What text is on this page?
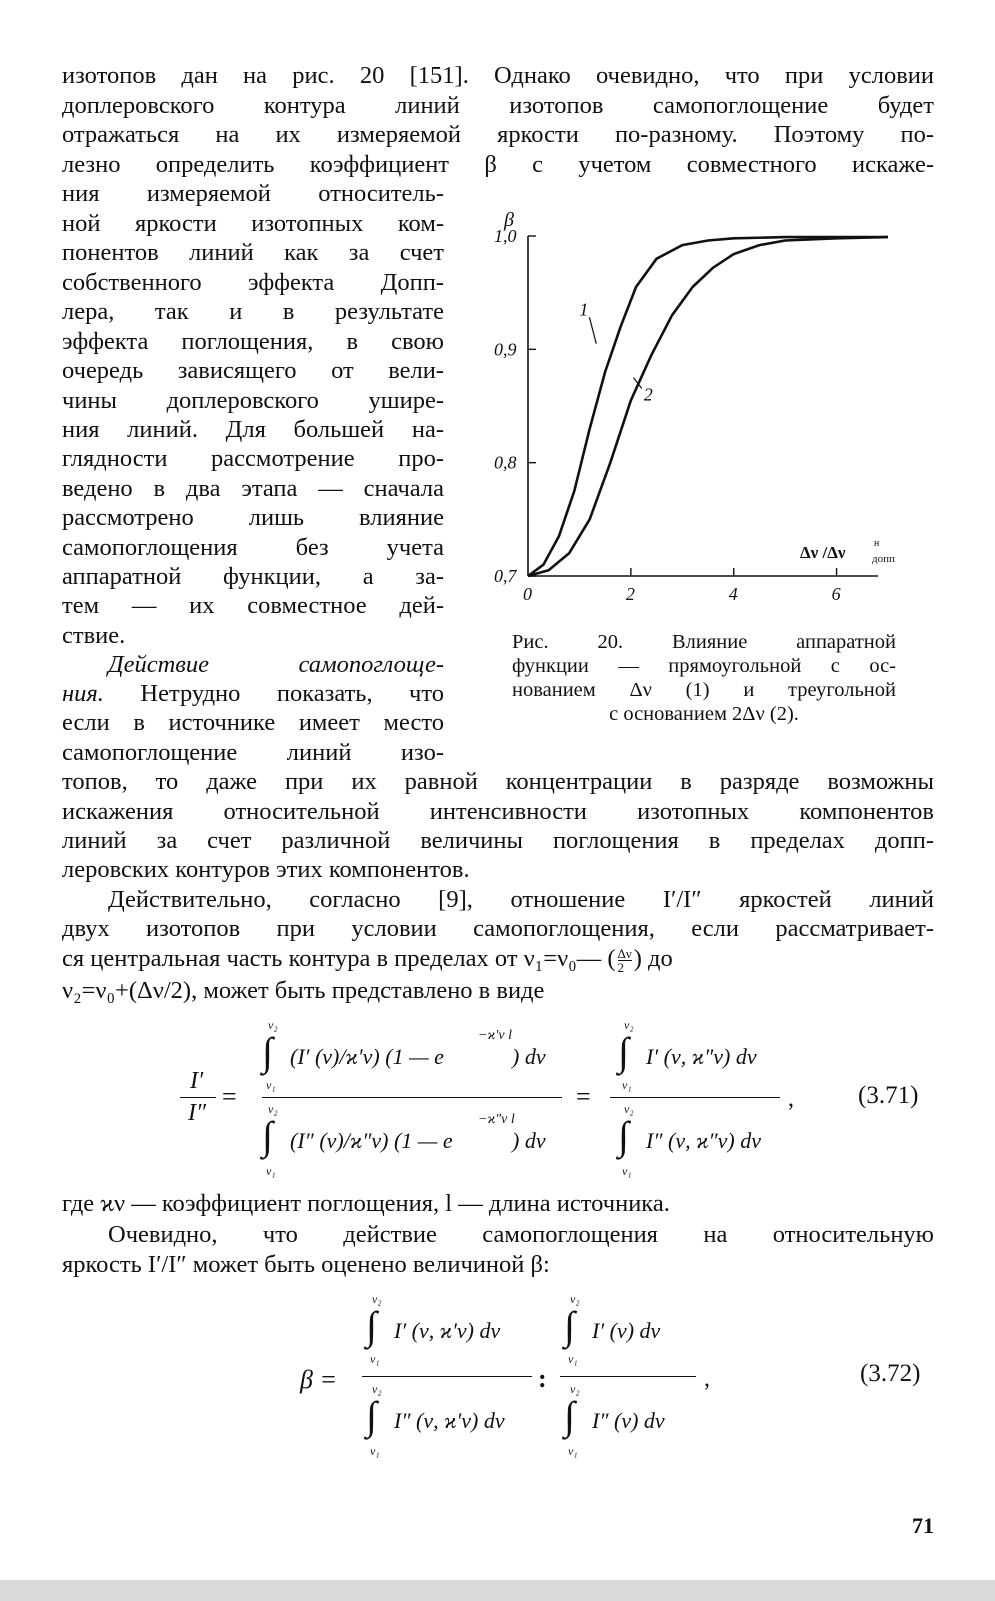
изотопов дан на рис. 20 [151]. Однако очевидно, что при условии
доплеровского контура линий изотопов самопоглощение будет
отражаться на их измеряемой яркости по-разному. Поэтому по-
лезно определить коэффициент β с учетом совместного искаже-
ния измеряемой относитель-
ной яркости изотопных ком-
понентов линий как за счет
собственного эффекта Допп-
лера, так и в результате
эффекта поглощения, в свою
очередь зависящего от вели-
чины доплеровского ушире-
ния линий. Для большей на-
глядности рассмотрение про-
ведено в два этапа — сначала
рассмотрено лишь влияние
самопоглощения без учета
аппаратной функции, а за-
тем — их совместное дей-
ствие.
Действие самопоглоще-
ния. Нетрудно показать, что
если в источнике имеет место
самопоглощение линий изо-
топов, то даже при их равной концентрации в разряде возможны
искажения относительной интенсивности изотопных компонентов
линий за счет различной величины поглощения в пределах допп-
леровских контуров этих компонентов.
Действительно, согласно [9], отношение I′/I″ яркостей линий
двух изотопов при условии самопоглощения, если рассматривает-
ся центральная часть контура в пределах от ν₁=ν₀— ( $\frac{\Delta\nu}{2}$ ) до
ν₂=ν₀+(Δν/2), может быть представлено в виде
0,7
0,8
0,9
1,0
0	2	4	6
β
Δν /Δν	н
допп
1
2
Рис. 20. Влияние аппаратной
функции — прямоугольной с ос-
нованием Δν (1) и треугольной
с основанием 2Δν (2).
I′
I″
=
ν₂
∫
ν₁
(I′ (ν)/ϰ′ν) (1 — e
−ϰ′ν l
) dν
ν₂
∫
ν₁
(I″ (ν)/ϰ″ν) (1 — e
−ϰ″ν l
) dν
=
ν₂
∫
ν₁
I′ (ν, ϰ″ν) dν
ν₂
∫
ν₁
I″ (ν, ϰ″ν) dν
,	(3.71)
где ϰν — коэффициент поглощения, l — длина источника.
Очевидно, что действие самопоглощения на относительную
яркость I′/I″ может быть оценено величиной β:
β =
ν₂
∫
ν₁
I′ (ν, ϰ′ν) dν
ν₂
∫
ν₁
I″ (ν, ϰ′ν) dν
:
ν₂
∫
ν₁
I′ (ν) dν
ν₂
∫
ν₁
I″ (ν) dν
,	(3.72)
71
